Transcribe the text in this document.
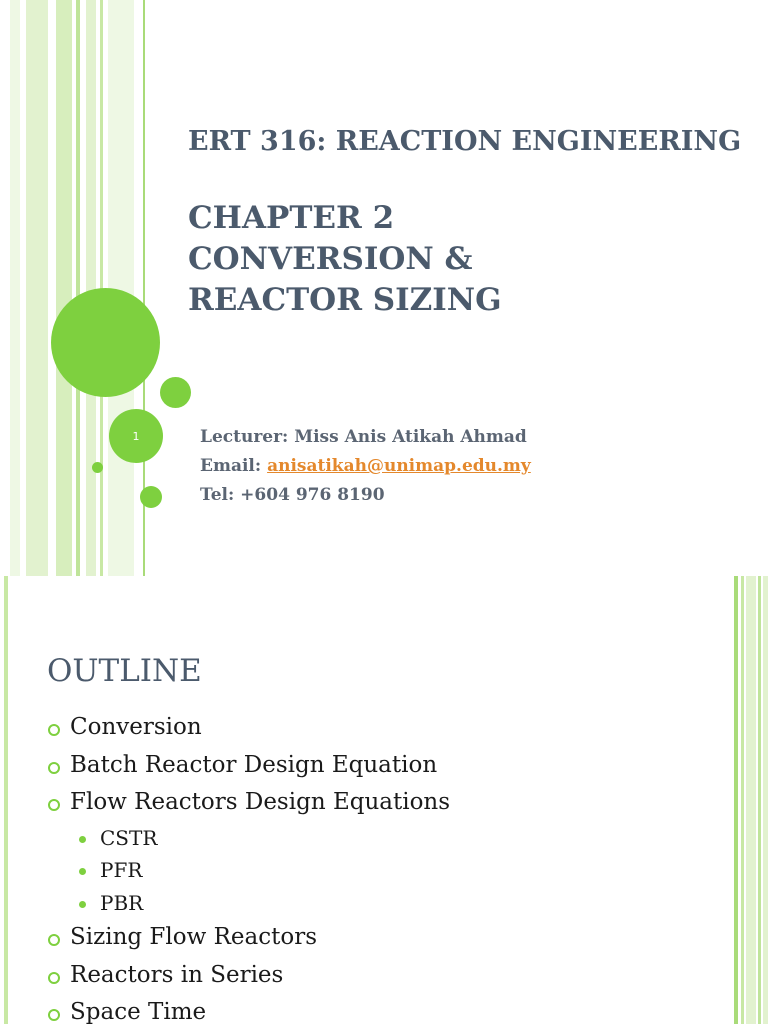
1
ERT 316: REACTION ENGINEERING
CHAPTER 2
CONVERSION &
REACTOR SIZING
Lecturer: Miss Anis Atikah Ahmad
Email: anisatikah@unimap.edu.my
Tel: +604 976 8190
OUTLINE
Conversion
Batch Reactor Design Equation
Flow Reactors Design Equations
CSTR
PFR
PBR
Sizing Flow Reactors
Reactors in Series
Space Time
